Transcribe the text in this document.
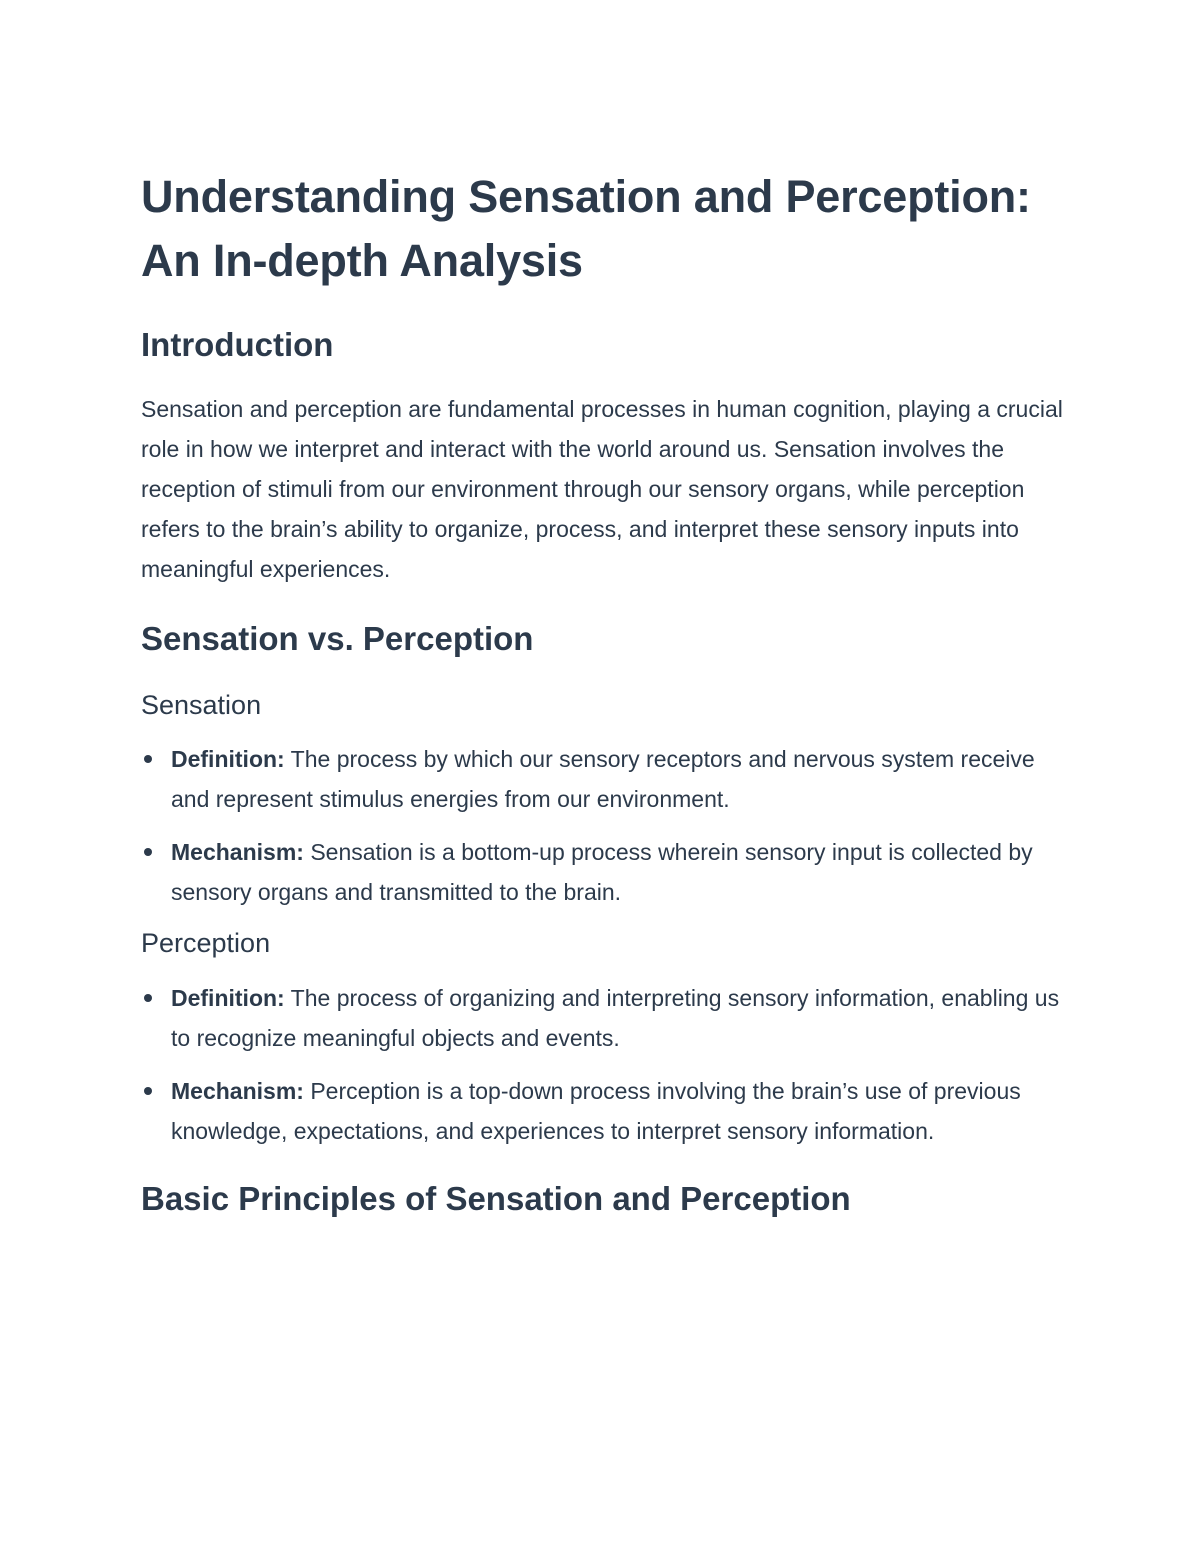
Understanding Sensation and Perception: An In-depth Analysis
Introduction

Sensation and perception are fundamental processes in human cognition, playing a crucial role in how we interpret and interact with the world around us. Sensation involves the reception of stimuli from our environment through our sensory organs, while perception refers to the brain’s ability to organize, process, and interpret these sensory inputs into meaningful experiences.

Sensation vs. Perception
Sensation
Definition: The process by which our sensory receptors and nervous system receive and represent stimulus energies from our environment.
Mechanism: Sensation is a bottom-up process wherein sensory input is collected by sensory organs and transmitted to the brain.
Perception
Definition: The process of organizing and interpreting sensory information, enabling us to recognize meaningful objects and events.
Mechanism: Perception is a top-down process involving the brain’s use of previous knowledge, expectations, and experiences to interpret sensory information.
Basic Principles of Sensation and Perception
